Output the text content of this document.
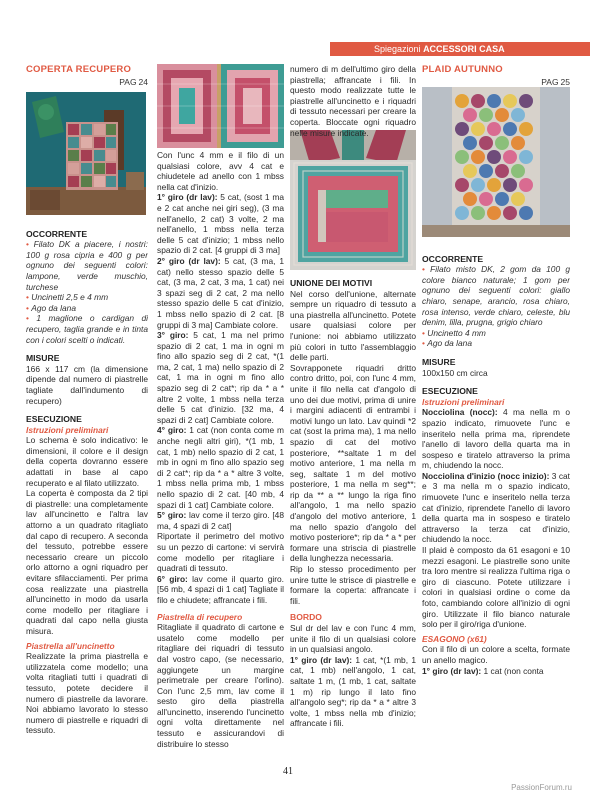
Spiegazioni ACCESSORI CASA
COPERTA RECUPERO
PAG 24
OCCORRENTE

• Filato DK a piacere, i nostri: 100 g rosa cipria e 400 g per ognuno dei seguenti colori: lampone, verde muschio, turchese

• Uncinetti 2,5 e 4 mm

• Ago da lana

• 1 maglione o cardigan di recupero, taglia grande e in tinta con i colori scelti o indicati.

MISURE

166 x 117 cm (la dimensione dipende dal numero di piastrelle tagliate dall'indumento di recupero)

ESECUZIONE

Istruzioni preliminari

Lo schema è solo indicativo: le dimensioni, il colore e il design della coperta dovranno essere adattati in base al capo recuperato e al filato utilizzato.

La coperta è composta da 2 tipi di piastrelle: una completamente lav all'uncinetto e l'altra lav attorno a un quadrato ritagliato dal capo di recupero. A seconda del tessuto, potrebbe essere necessario creare un piccolo orlo attorno a ogni riquadro per evitare sfilacciamenti. Per prima cosa realizzate una piastrella all'uncinetto in modo da usarla come modello per ritagliare i quadrati dal capo nella giusta misura.

Piastrella all'uncinetto

Realizzate la prima piastrella e utilizzatela come modello; una volta ritagliati tutti i quadrati di tessuto, potete decidere il numero di piastrelle da lavorare. Noi abbiamo lavorato lo stesso numero di piastrelle e riquadri di tessuto.

Con l'unc 4 mm e il filo di un qualsiasi colore, avv 4 cat e chiudetele ad anello con 1 mbss nella cat d'inizio.

1° giro (dr lav): 5 cat, (sost 1 ma e 2 cat anche nei giri seg), (3 ma nell'anello, 2 cat) 3 volte, 2 ma nell'anello, 1 mbss nella terza delle 5 cat d'inizio; 1 mbss nello spazio di 2 cat. [4 gruppi di 3 ma]

2° giro (dr lav): 5 cat, (3 ma, 1 cat) nello stesso spazio delle 5 cat, (3 ma, 2 cat, 3 ma, 1 cat) nei 3 spazi seg di 2 cat, 2 ma nello stesso spazio delle 5 cat d'inizio, 1 mbss nello spazio di 2 cat. [8 gruppi di 3 ma] Cambiate colore.

3° giro: 5 cat, 1 ma nel primo spazio di 2 cat, 1 ma in ogni m fino allo spazio seg di 2 cat, *(1 ma, 2 cat, 1 ma) nello spazio di 2 cat, 1 ma in ogni m fino allo spazio seg di 2 cat*; rip da * a * altre 2 volte, 1 mbss nella terza delle 5 cat d'inizio. [32 ma, 4 spazi di 2 cat] Cambiate colore.

4° giro: 1 cat (non conta come m anche negli altri giri), *(1 mb, 1 cat, 1 mb) nello spazio di 2 cat, 1 mb in ogni m fino allo spazio seg di 2 cat*; rip da * a * altre 3 volte, 1 mbss nella prima mb, 1 mbss nello spazio di 2 cat. [40 mb, 4 spazi di 1 cat] Cambiate colore.

5° giro: lav come il terzo giro. [48 ma, 4 spazi di 2 cat]

Riportate il perimetro del motivo su un pezzo di cartone: vi servirà come modello per ritagliare i quadrati di tessuto.

6° giro: lav come il quarto giro. [56 mb, 4 spazi di 1 cat] Tagliate il filo e chiudete; affrancate i fili.

Piastrella di recupero

Ritagliate il quadrato di cartone e usatelo come modello per ritagliare dei riquadri di tessuto dal vostro capo, (se necessario, aggiungete un margine perimetrale per creare l'orlino). Con l'unc 2,5 mm, lav come il sesto giro della piastrella all'uncinetto, inserendo l'uncinetto ogni volta direttamente nel tessuto e assicurandovi di distribuire lo stesso

numero di m dell'ultimo giro della piastrella; affrancate i fili. In questo modo realizzate tutte le piastrelle all'uncinetto e i riquadri di tessuto necessari per creare la coperta. Bloccate ogni riquadro nelle misure indicate.

UNIONE DEI MOTIVI

Nel corso dell'unione, alternate sempre un riquadro di tessuto a una piastrella all'uncinetto. Potete usare qualsiasi colore per l'unione: noi abbiamo utilizzato più colori in tutto l'assemblaggio delle parti.

Sovrapponete riquadri dritto contro dritto, poi, con l'unc 4 mm, unite il filo nella cat d'angolo di uno dei due motivi, prima di unire i margini adiacenti di entrambi i motivi lungo un lato. Lav quindi *2 cat (sost la prima ma), 1 ma nello spazio di cat del motivo posteriore, **saltate 1 m del motivo anteriore, 1 ma nella m seg, saltate 1 m del motivo posteriore, 1 ma nella m seg**; rip da ** a ** lungo la riga fino all'angolo, 1 ma nello spazio d'angolo del motivo anteriore, 1 ma nello spazio d'angolo del motivo posteriore*; rip da * a * per formare una striscia di piastrelle della lunghezza necessaria.

Rip lo stesso procedimento per unire tutte le strisce di piastrelle e formare la coperta: affrancate i fili.

BORDO

Sul dr del lav e con l'unc 4 mm, unite il filo di un qualsiasi colore in un qualsiasi angolo.

1° giro (dr lav): 1 cat, *(1 mb, 1 cat, 1 mb) nell'angolo, 1 cat, saltate 1 m, (1 mb, 1 cat, saltate 1 m) rip lungo il lato fino all'angolo seg*; rip da * a * altre 3 volte, 1 mbss nella mb d'inizio; affrancate i fili.

PLAID AUTUNNO
PAG 25
OCCORRENTE

• Filato misto DK, 2 gom da 100 g colore bianco naturale; 1 gom per ognuno dei seguenti colori: giallo chiaro, senape, arancio, rosa chiaro, rosa intenso, verde chiaro, celeste, blu denim, lilla, prugna, grigio chiaro

• Uncinetto 4 mm

• Ago da lana

MISURE

100x150 cm circa

ESECUZIONE

Istruzioni preliminari

Nocciolina (nocc): 4 ma nella m o spazio indicato, rimuovete l'unc e inseritelo nella prima ma, riprendete l'anello di lavoro della quarta ma in sospeso e tiratelo attraverso la prima m, chiudendo la nocc.

Nocciolina d'inizio (nocc inizio): 3 cat e 3 ma nella m o spazio indicato, rimuovete l'unc e inseritelo nella terza cat d'inizio, riprendete l'anello di lavoro della quarta ma in sospeso e tiratelo attraverso la terza cat d'inizio, chiudendo la nocc.

Il plaid è composto da 61 esagoni e 10 mezzi esagoni. Le piastrelle sono unite tra loro mentre si realizza l'ultima riga o giro di ciascuno. Potete utilizzare i colori in qualsiasi ordine o come da foto, cambiando colore all'inizio di ogni giro. Utilizzate il filo bianco naturale solo per il giro/riga d'unione.

ESAGONO (x61)

Con il filo di un colore a scelta, formate un anello magico.

1° giro (dr lav): 1 cat (non conta

41
PassionForum.ru
